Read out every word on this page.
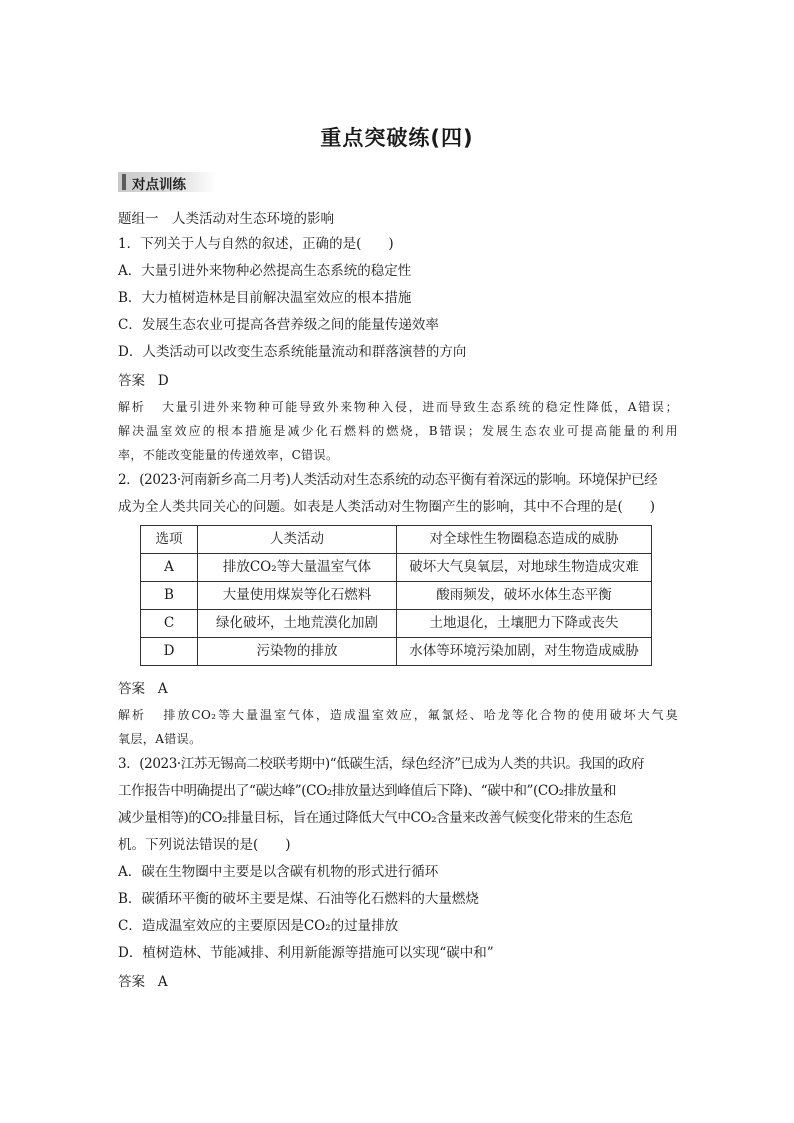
重点突破练(四)
对点训练
题组一　人类活动对生态环境的影响
1．下列关于人与自然的叙述，正确的是(　　)
A．大量引进外来物种必然提高生态系统的稳定性
B．大力植树造林是目前解决温室效应的根本措施
C．发展生态农业可提高各营养级之间的能量传递效率
D．人类活动可以改变生态系统能量流动和群落演替的方向
答案 D
解析 大量引进外来物种可能导致外来物种入侵，进而导致生态系统的稳定性降低，A错误；
解决温室效应的根本措施是减少化石燃料的燃烧，B错误；发展生态农业可提高能量的利用
率，不能改变能量的传递效率，C错误。
2．(2023·河南新乡高二月考)人类活动对生态系统的动态平衡有着深远的影响。环境保护已经
成为全人类共同关心的问题。如表是人类活动对生物圈产生的影响，其中不合理的是(　　)
选项	人类活动	对全球性生物圈稳态造成的威胁
A	排放CO₂等大量温室气体	破坏大气臭氧层，对地球生物造成灾难
B	大量使用煤炭等化石燃料	酸雨频发，破坏水体生态平衡
C	绿化破坏，土地荒漠化加剧	土地退化，土壤肥力下降或丧失
D	污染物的排放	水体等环境污染加剧，对生物造成威胁
答案 A
解析 排放CO₂等大量温室气体，造成温室效应，氟氯烃、哈龙等化合物的使用破坏大气臭
氧层，A错误。
3．(2023·江苏无锡高二校联考期中)“低碳生活，绿色经济”已成为人类的共识。我国的政府
工作报告中明确提出了“碳达峰”(CO₂排放量达到峰值后下降)、“碳中和”(CO₂排放量和
减少量相等)的CO₂排量目标，旨在通过降低大气中CO₂含量来改善气候变化带来的生态危
机。下列说法错误的是(　　)
A．碳在生物圈中主要是以含碳有机物的形式进行循环
B．碳循环平衡的破坏主要是煤、石油等化石燃料的大量燃烧
C．造成温室效应的主要原因是CO₂的过量排放
D．植树造林、节能减排、利用新能源等措施可以实现“碳中和”
答案 A
